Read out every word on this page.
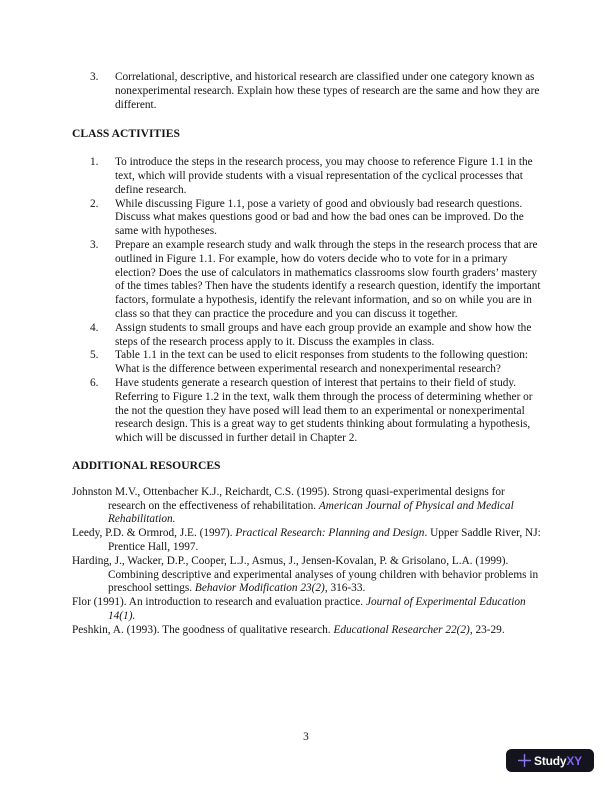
3. Correlational, descriptive, and historical research are classified under one category known as nonexperimental research. Explain how these types of research are the same and how they are different.
CLASS ACTIVITIES
1. To introduce the steps in the research process, you may choose to reference Figure 1.1 in the text, which will provide students with a visual representation of the cyclical processes that define research.
2. While discussing Figure 1.1, pose a variety of good and obviously bad research questions. Discuss what makes questions good or bad and how the bad ones can be improved. Do the same with hypotheses.
3. Prepare an example research study and walk through the steps in the research process that are outlined in Figure 1.1. For example, how do voters decide who to vote for in a primary election? Does the use of calculators in mathematics classrooms slow fourth graders’ mastery of the times tables? Then have the students identify a research question, identify the important factors, formulate a hypothesis, identify the relevant information, and so on while you are in class so that they can practice the procedure and you can discuss it together.
4. Assign students to small groups and have each group provide an example and show how the steps of the research process apply to it. Discuss the examples in class.
5. Table 1.1 in the text can be used to elicit responses from students to the following question: What is the difference between experimental research and nonexperimental research?
6. Have students generate a research question of interest that pertains to their field of study. Referring to Figure 1.2 in the text, walk them through the process of determining whether or the not the question they have posed will lead them to an experimental or nonexperimental research design. This is a great way to get students thinking about formulating a hypothesis, which will be discussed in further detail in Chapter 2.
ADDITIONAL RESOURCES

Johnston M.V., Ottenbacher K.J., Reichardt, C.S. (1995). Strong quasi-experimental designs for research on the effectiveness of rehabilitation. American Journal of Physical and Medical Rehabilitation.

Leedy, P.D. & Ormrod, J.E. (1997). Practical Research: Planning and Design. Upper Saddle River, NJ: Prentice Hall, 1997.

Harding, J., Wacker, D.P., Cooper, L.J., Asmus, J., Jensen-Kovalan, P. & Grisolano, L.A. (1999). Combining descriptive and experimental analyses of young children with behavior problems in preschool settings. Behavior Modification 23(2), 316-33.

Flor (1991). An introduction to research and evaluation practice. Journal of Experimental Education 14(1).

Peshkin, A. (1993). The goodness of qualitative research. Educational Researcher 22(2), 23-29.

3
StudyXY
